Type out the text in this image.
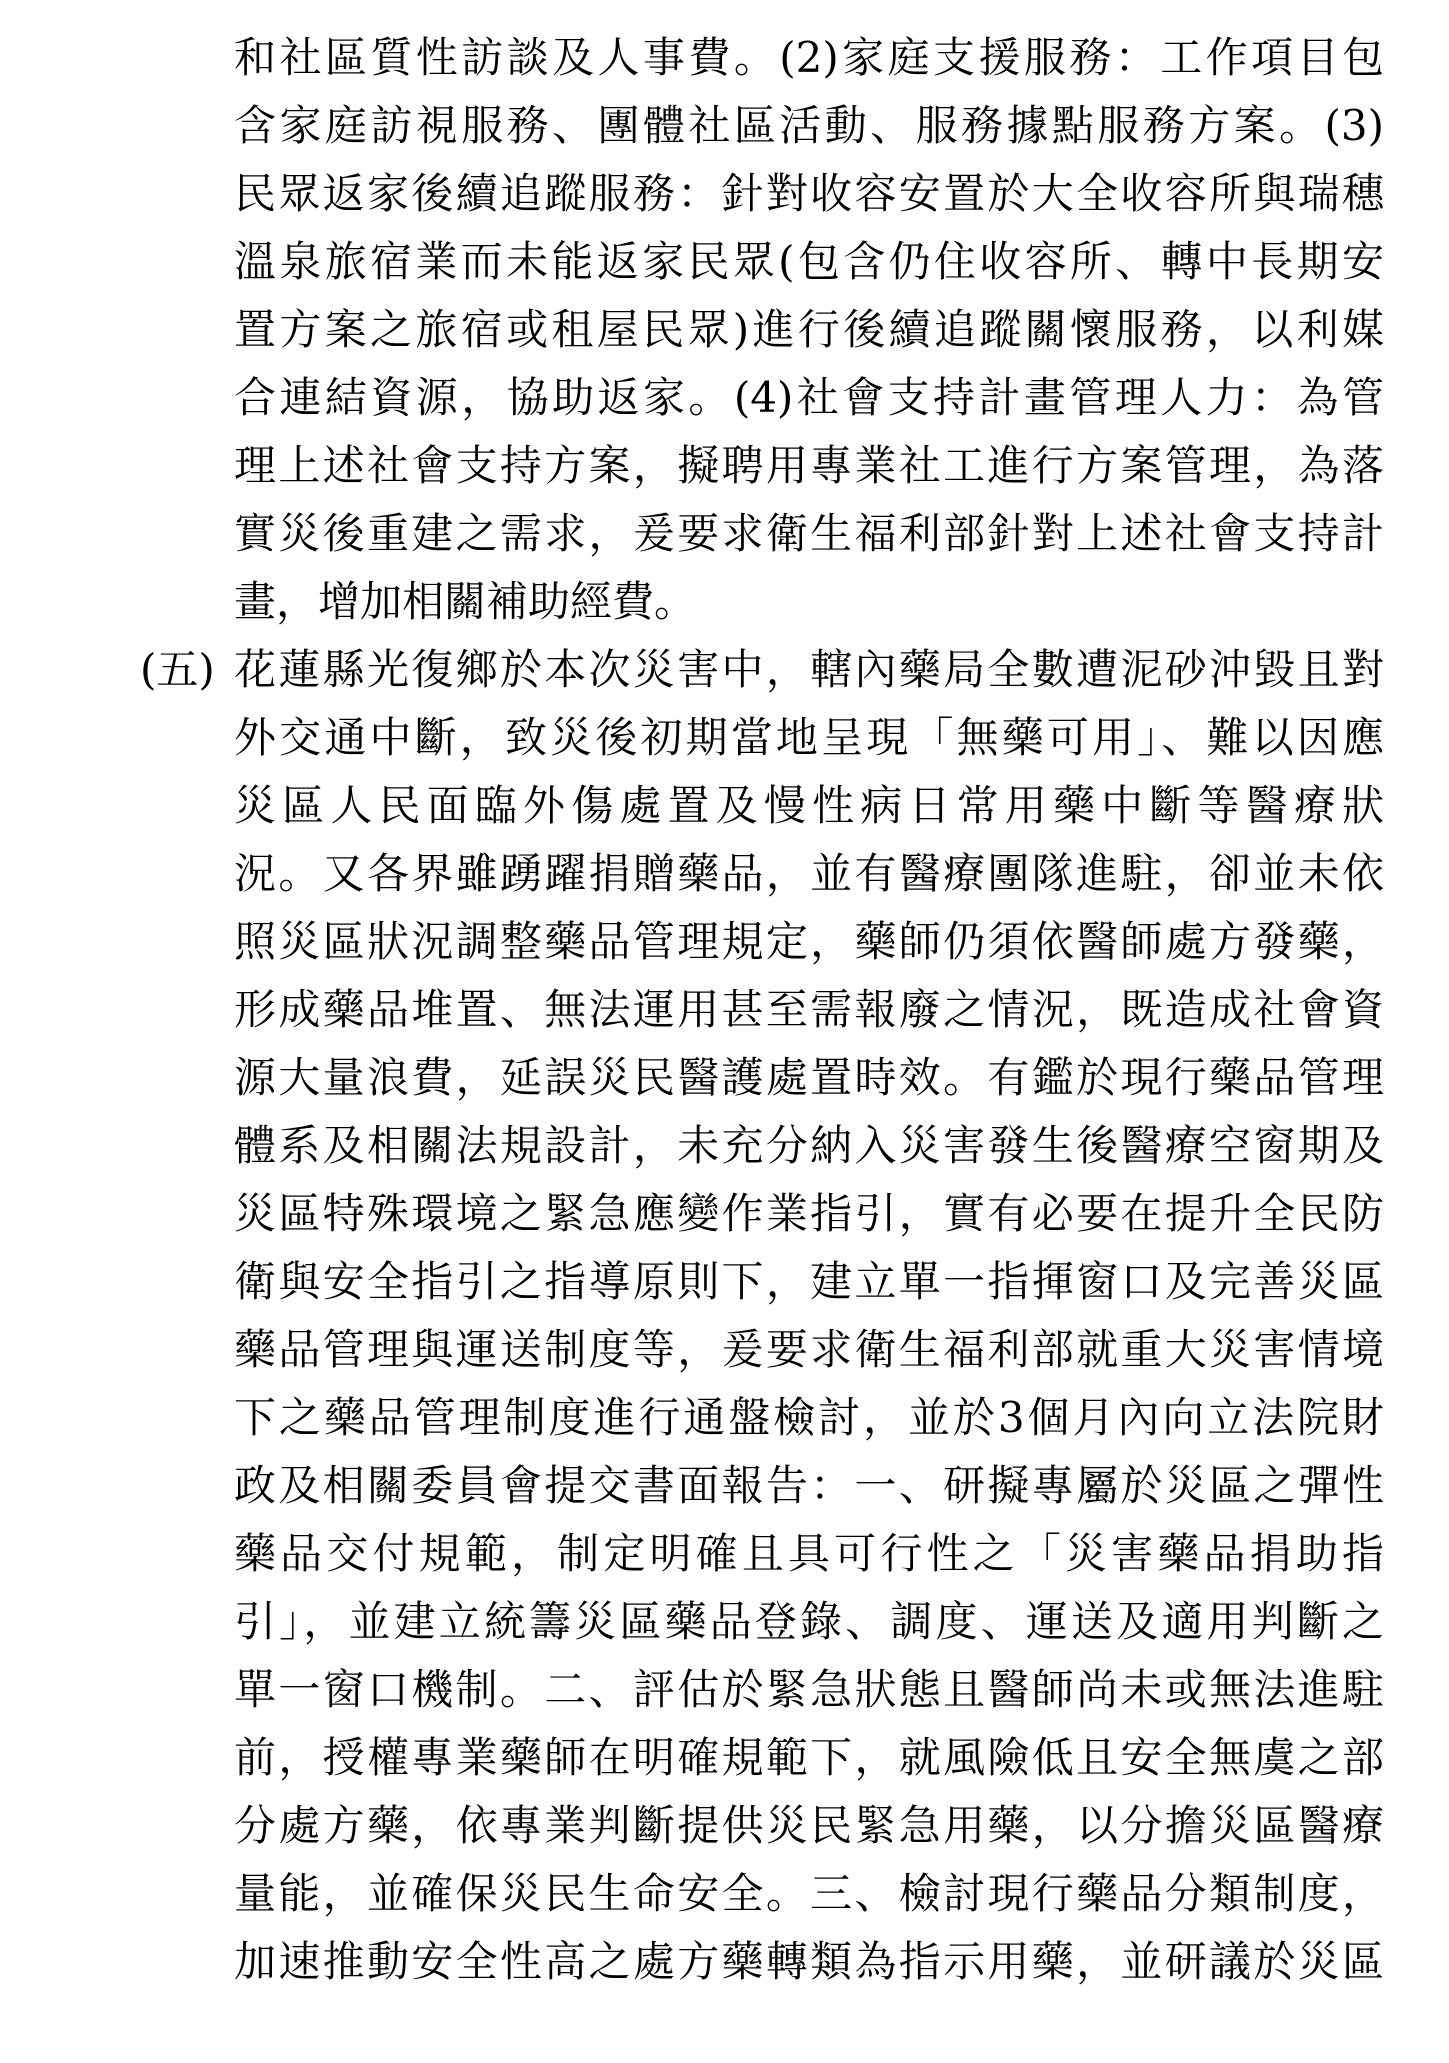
和社區質性訪談及人事費。(2)家庭支援服務：工作項目包
含家庭訪視服務、團體社區活動、服務據點服務方案。(3)
民眾返家後續追蹤服務：針對收容安置於大全收容所與瑞穗
溫泉旅宿業而未能返家民眾(包含仍住收容所、轉中長期安
置方案之旅宿或租屋民眾)進行後續追蹤關懷服務，以利媒
合連結資源，協助返家。(4)社會支持計畫管理人力：為管
理上述社會支持方案，擬聘用專業社工進行方案管理，為落
實災後重建之需求，爰要求衛生福利部針對上述社會支持計
畫，增加相關補助經費。
(五) 花蓮縣光復鄉於本次災害中，轄內藥局全數遭泥砂沖毀且對
外交通中斷，致災後初期當地呈現「無藥可用」、難以因應
災區人民面臨外傷處置及慢性病日常用藥中斷等醫療狀
況。又各界雖踴躍捐贈藥品，並有醫療團隊進駐，卻並未依
照災區狀況調整藥品管理規定，藥師仍須依醫師處方發藥，
形成藥品堆置、無法運用甚至需報廢之情況，既造成社會資
源大量浪費，延誤災民醫護處置時效。有鑑於現行藥品管理
體系及相關法規設計，未充分納入災害發生後醫療空窗期及
災區特殊環境之緊急應變作業指引，實有必要在提升全民防
衛與安全指引之指導原則下，建立單一指揮窗口及完善災區
藥品管理與運送制度等，爰要求衛生福利部就重大災害情境
下之藥品管理制度進行通盤檢討，並於3個月內向立法院財
政及相關委員會提交書面報告：一、研擬專屬於災區之彈性
藥品交付規範，制定明確且具可行性之「災害藥品捐助指
引」，並建立統籌災區藥品登錄、調度、運送及適用判斷之
單一窗口機制。二、評估於緊急狀態且醫師尚未或無法進駐
前，授權專業藥師在明確規範下，就風險低且安全無虞之部
分處方藥，依專業判斷提供災民緊急用藥，以分擔災區醫療
量能，並確保災民生命安全。三、檢討現行藥品分類制度，
加速推動安全性高之處方藥轉類為指示用藥，並研議於災區
